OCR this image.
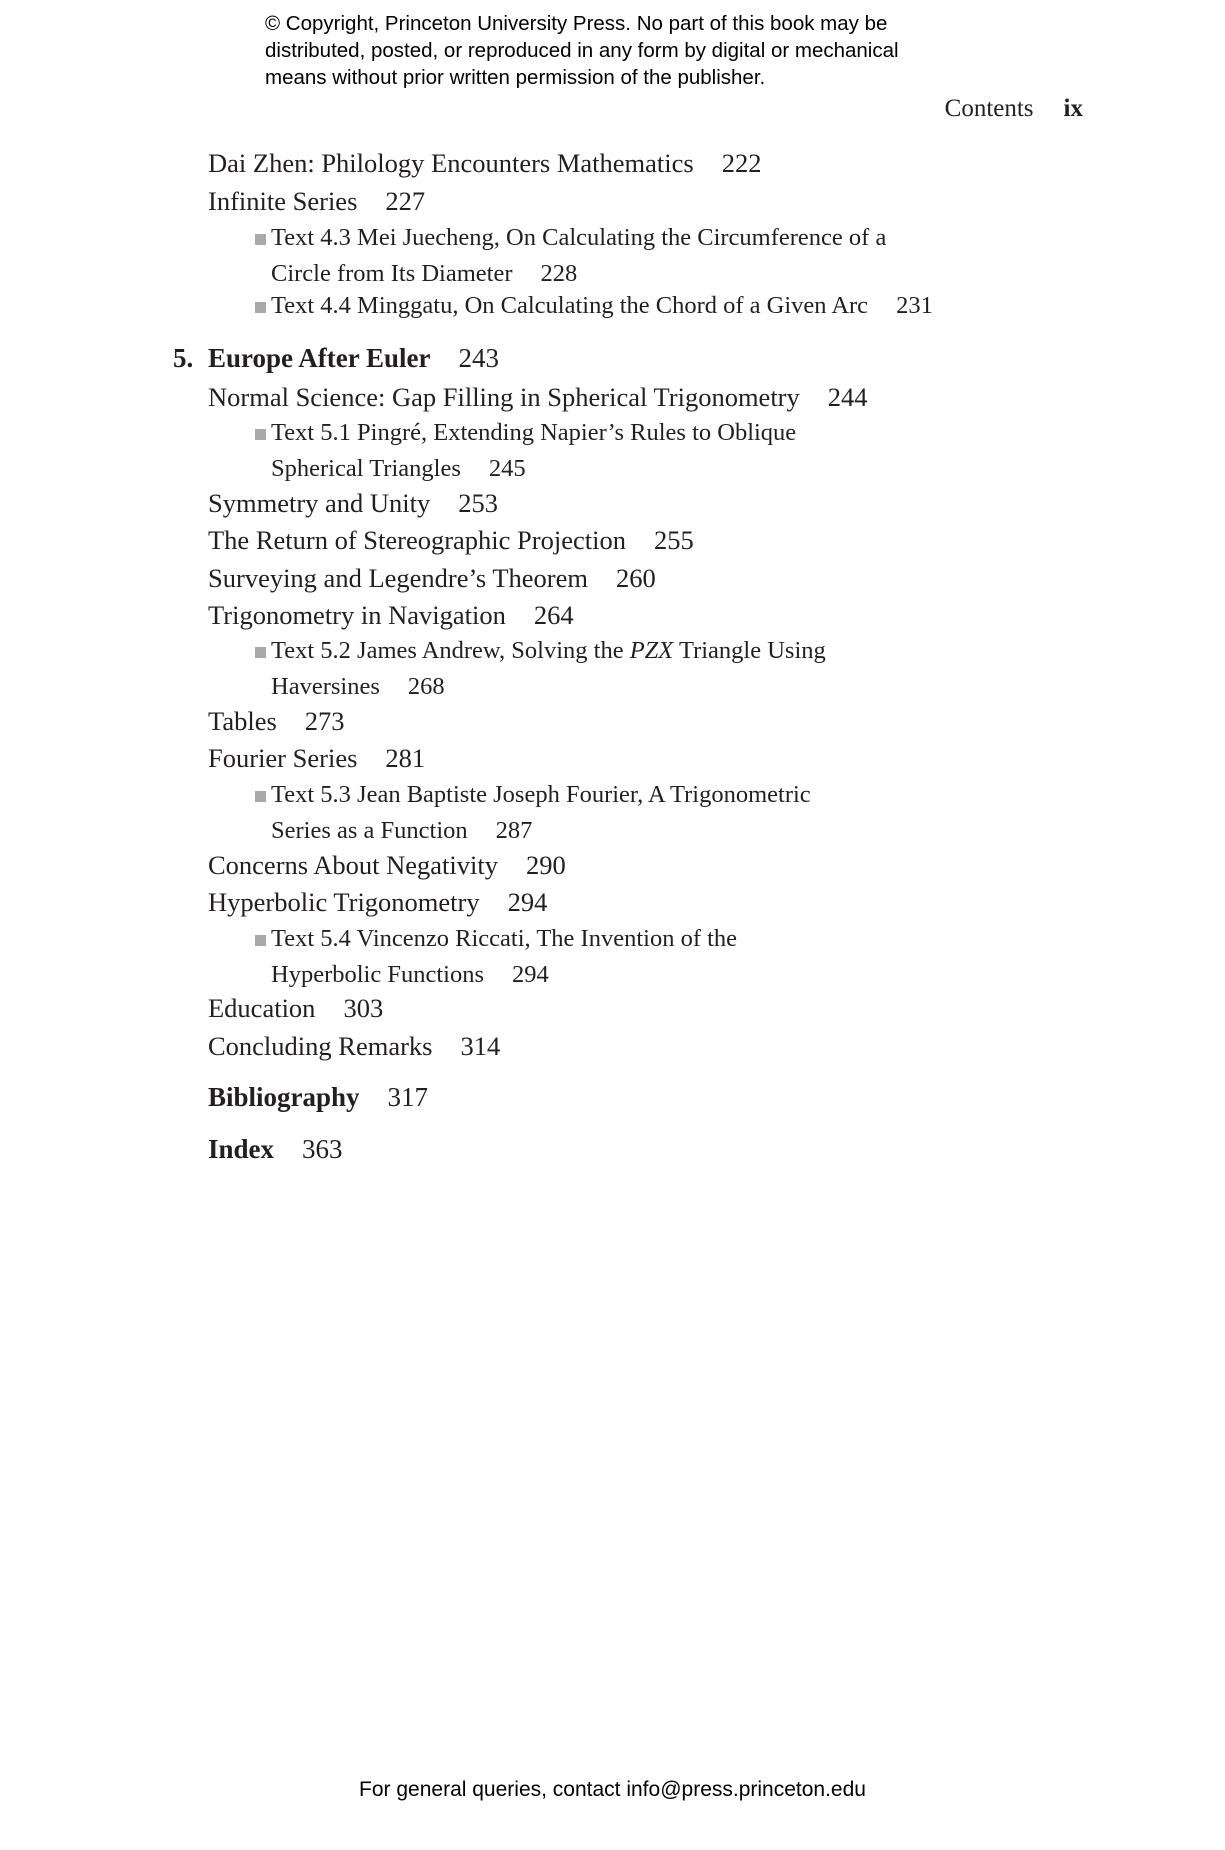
© Copyright, Princeton University Press. No part of this book may be
distributed, posted, or reproduced in any form by digital or mechanical
means without prior written permission of the publisher.
Contents ix
Dai Zhen: Philology Encounters Mathematics 222
Infinite Series 227
Text 4.3 Mei Juecheng, On Calculating the Circumference of a
Circle from Its Diameter 228
Text 4.4 Minggatu, On Calculating the Chord of a Given Arc 231
5. Europe After Euler 243
Normal Science: Gap Filling in Spherical Trigonometry 244
Text 5.1 Pingré, Extending Napier’s Rules to Oblique
Spherical Triangles 245
Symmetry and Unity 253
The Return of Stereographic Projection 255
Surveying and Legendre’s Theorem 260
Trigonometry in Navigation 264
Text 5.2 James Andrew, Solving the PZX Triangle Using
Haversines 268
Tables 273
Fourier Series 281
Text 5.3 Jean Baptiste Joseph Fourier, A Trigonometric
Series as a Function 287
Concerns About Negativity 290
Hyperbolic Trigonometry 294
Text 5.4 Vincenzo Riccati, The Invention of the
Hyperbolic Functions 294
Education 303
Concluding Remarks 314
Bibliography 317
Index 363
For general queries, contact info@press.princeton.edu
